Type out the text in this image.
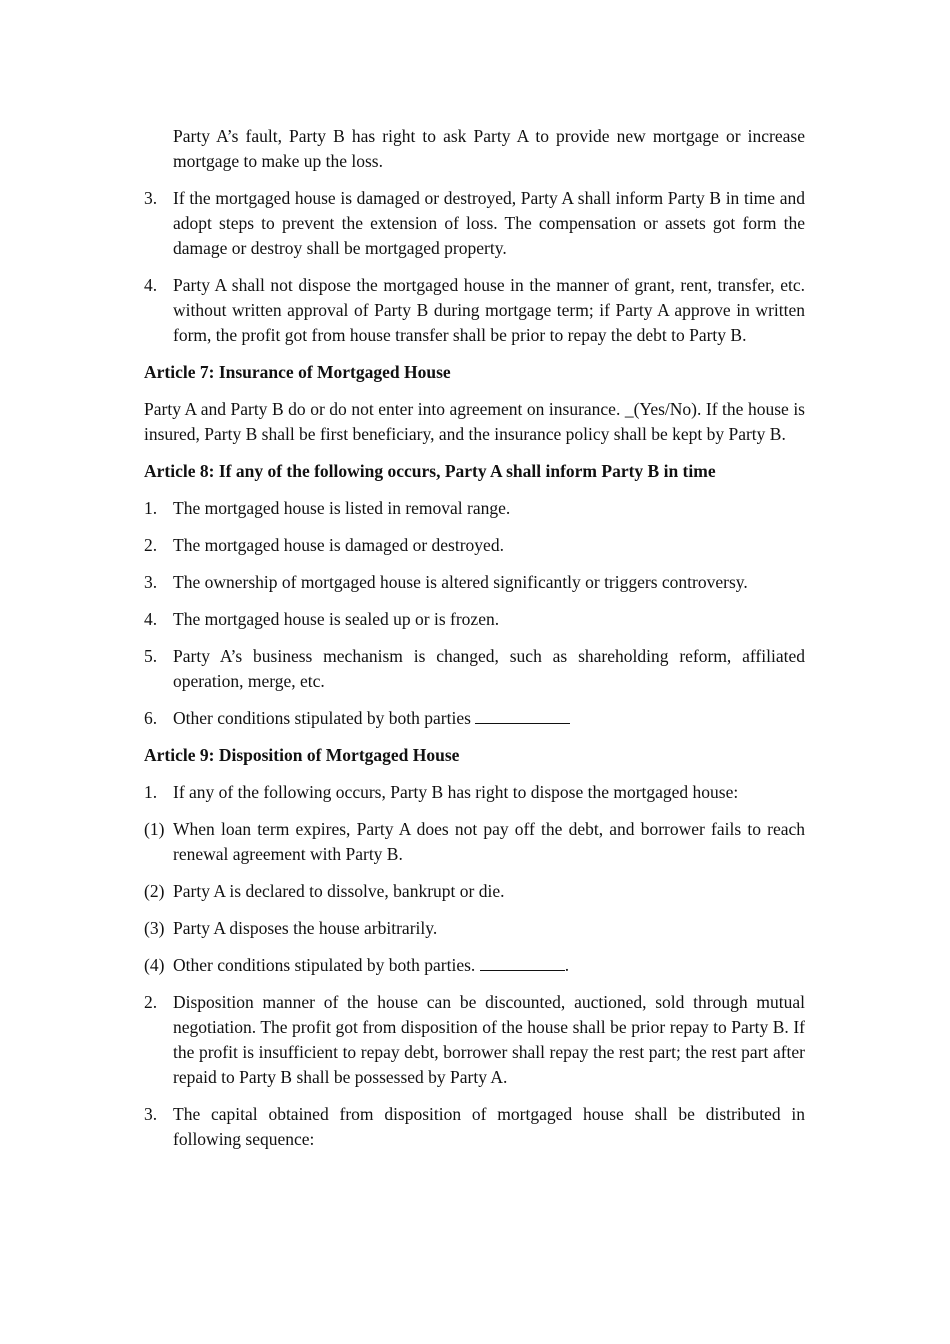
Party A’s fault, Party B has right to ask Party A to provide new mortgage or increase mortgage to make up the loss.
3. If the mortgaged house is damaged or destroyed, Party A shall inform Party B in time and adopt steps to prevent the extension of loss. The compensation or assets got form the damage or destroy shall be mortgaged property.
4. Party A shall not dispose the mortgaged house in the manner of grant, rent, transfer, etc. without written approval of Party B during mortgage term; if Party A approve in written form, the profit got from house transfer shall be prior to repay the debt to Party B.
Article 7: Insurance of Mortgaged House
Party A and Party B do or do not enter into agreement on insurance. _(Yes/No). If the house is insured, Party B shall be first beneficiary, and the insurance policy shall be kept by Party B.
Article 8: If any of the following occurs, Party A shall inform Party B in time
1. The mortgaged house is listed in removal range.
2. The mortgaged house is damaged or destroyed.
3. The ownership of mortgaged house is altered significantly or triggers controversy.
4. The mortgaged house is sealed up or is frozen.
5. Party A’s business mechanism is changed, such as shareholding reform, affiliated operation, merge, etc.
6. Other conditions stipulated by both parties
Article 9: Disposition of Mortgaged House
1. If any of the following occurs, Party B has right to dispose the mortgaged house:
(1) When loan term expires, Party A does not pay off the debt, and borrower fails to reach renewal agreement with Party B.
(2) Party A is declared to dissolve, bankrupt or die.
(3) Party A disposes the house arbitrarily.
(4) Other conditions stipulated by both parties.	.
2. Disposition manner of the house can be discounted, auctioned, sold through mutual negotiation. The profit got from disposition of the house shall be prior repay to Party B. If the profit is insufficient to repay debt, borrower shall repay the rest part; the rest part after repaid to Party B shall be possessed by Party A.
3. The capital obtained from disposition of mortgaged house shall be distributed in following sequence:
